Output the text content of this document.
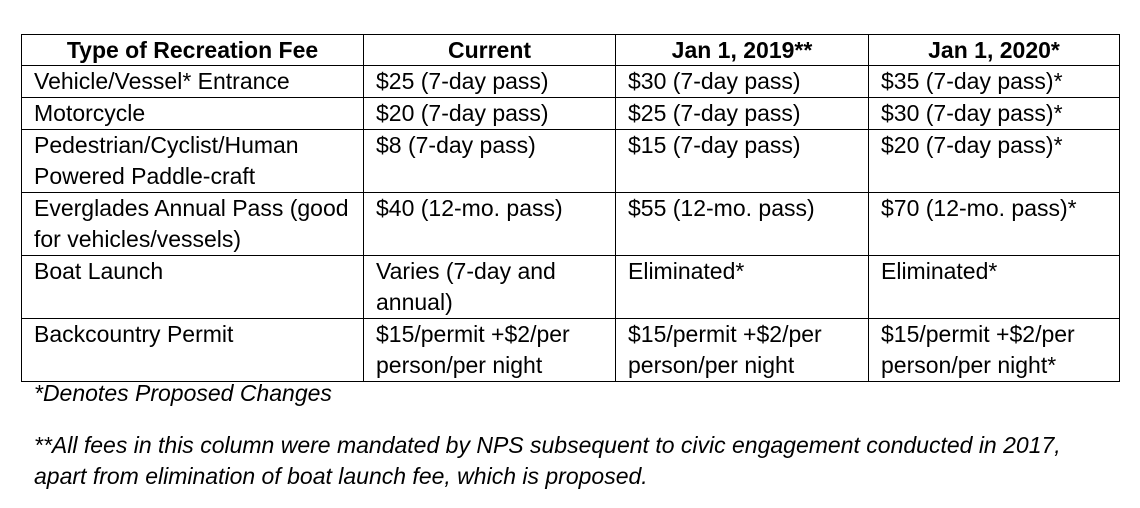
Type of Recreation Fee	Current	Jan 1, 2019**	Jan 1, 2020*
Vehicle/Vessel* Entrance	$25 (7-day pass)	$30 (7-day pass)	$35 (7-day pass)*
Motorcycle	$20 (7-day pass)	$25 (7-day pass)	$30 (7-day pass)*
Pedestrian/Cyclist/Human Powered Paddle-craft	$8 (7-day pass)	$15 (7-day pass)	$20 (7-day pass)*
Everglades Annual Pass (good for vehicles/vessels)	$40 (12-mo. pass)	$55 (12-mo. pass)	$70 (12-mo. pass)*
Boat Launch	Varies (7-day and annual)	Eliminated*	Eliminated*
Backcountry Permit	$15/permit +$2/per person/per night	$15/permit +$2/per person/per night	$15/permit +$2/per person/per night*

*Denotes Proposed Changes

**All fees in this column were mandated by NPS subsequent to civic engagement conducted in 2017, apart from elimination of boat launch fee, which is proposed.
